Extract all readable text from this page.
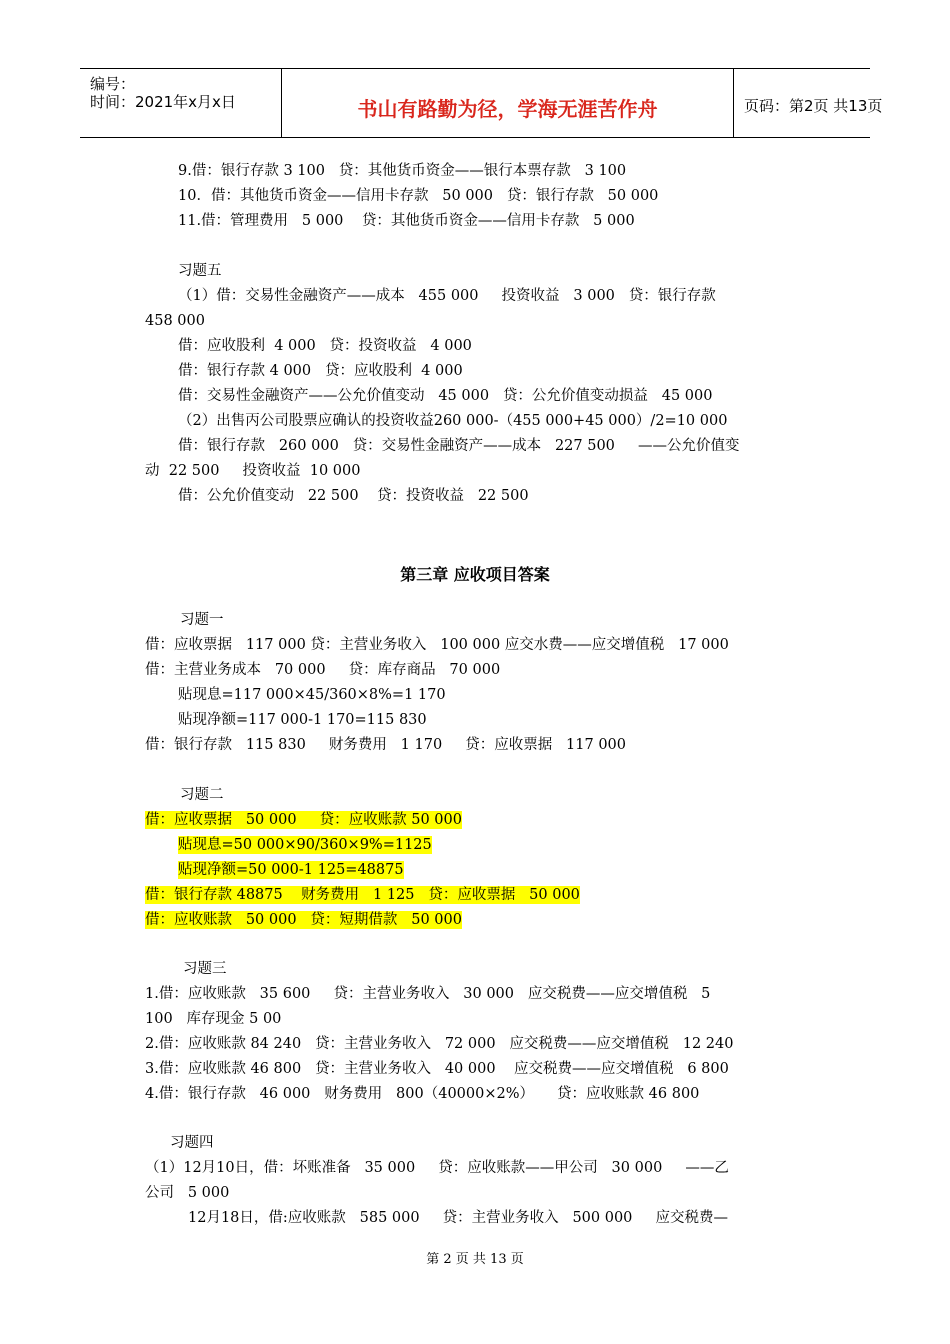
编号：
时间：2021年x月x日	书山有路勤为径，学海无涯苦作舟	页码：第2页 共13页
9.借：银行存款 3 100   贷：其他货币资金——银行本票存款   3 100
10．借：其他货币资金——信用卡存款   50 000   贷：银行存款   50 000
11.借：管理费用   5 000    贷：其他货币资金——信用卡存款   5 000
习题五
（1）借：交易性金融资产——成本   455 000     投资收益   3 000   贷：银行存款
458 000
借：应收股利  4 000   贷：投资收益   4 000
借：银行存款 4 000   贷：应收股利  4 000
借：交易性金融资产——公允价值变动   45 000   贷：公允价值变动损益   45 000
（2）出售丙公司股票应确认的投资收益260 000-（455 000+45 000）/2=10 000
借：银行存款   260 000   贷：交易性金融资产——成本   227 500     ——公允价值变
动  22 500     投资收益  10 000
借：公允价值变动   22 500    贷：投资收益   22 500
第三章 应收项目答案
习题一
借：应收票据   117 000 贷：主营业务收入   100 000 应交水费——应交增值税   17 000
借：主营业务成本   70 000     贷：库存商品   70 000
贴现息=117 000×45/360×8%=1 170
贴现净额=117 000-1 170=115 830
借：银行存款   115 830     财务费用   1 170     贷：应收票据   117 000
习题二
借：应收票据   50 000     贷：应收账款 50 000
贴现息=50 000×90/360×9%=1125
贴现净额=50 000-1 125=48875
借：银行存款 48875    财务费用   1 125   贷：应收票据   50 000
借：应收账款   50 000   贷：短期借款   50 000
习题三
1.借：应收账款   35 600     贷：主营业务收入   30 000   应交税费——应交增值税   5
100   库存现金 5 00
2.借：应收账款 84 240   贷：主营业务收入   72 000   应交税费——应交增值税   12 240
3.借：应收账款 46 800   贷：主营业务收入   40 000    应交税费——应交增值税   6 800
4.借：银行存款   46 000   财务费用   800（40000×2%）     贷：应收账款 46 800
习题四
（1）12月10日，借：坏账准备   35 000     贷：应收账款——甲公司   30 000     ——乙
公司   5 000
12月18日，借:应收账款   585 000     贷：主营业务收入   500 000     应交税费—
第 2 页 共 13 页
